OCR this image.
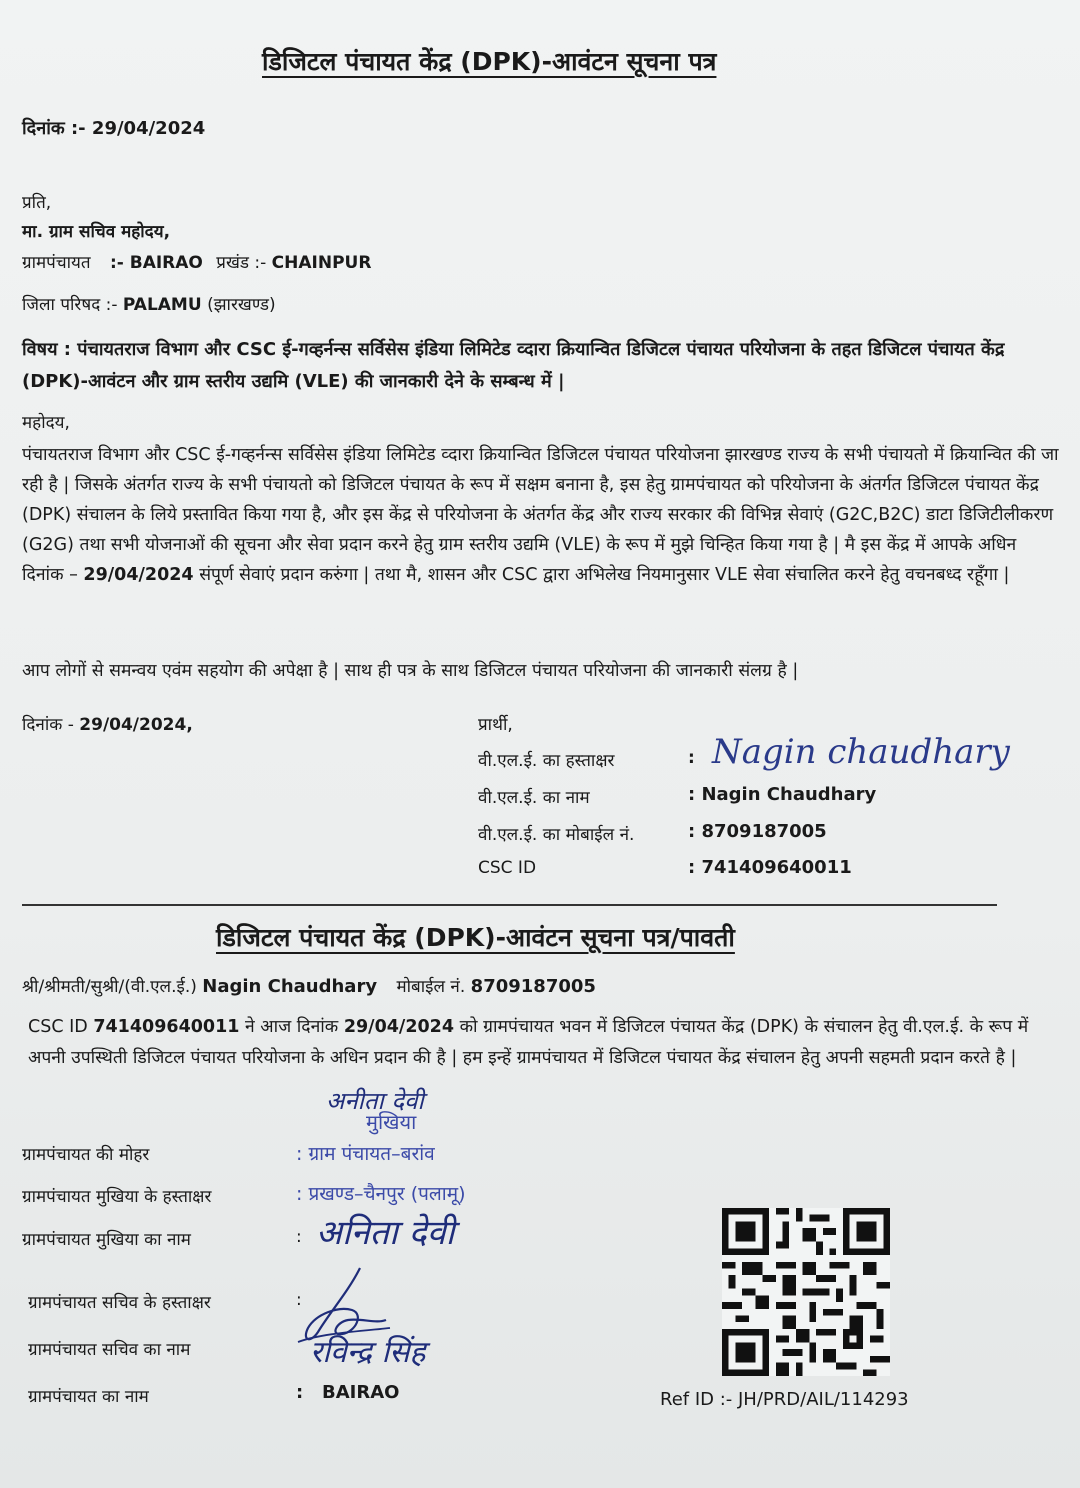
डिजिटल पंचायत केंद्र (DPK)-आवंटन सूचना पत्र
दिनांक :- 29/04/2024
प्रति,
मा. ग्राम सचिव महोदय,
ग्रामपंचायत :- BAIRAO प्रखंड :- CHAINPUR
जिला परिषद :- PALAMU (झारखण्ड)
विषय : पंचायतराज विभाग और CSC ई-गव्हर्नन्स सर्विसेस इंडिया लिमिटेड व्दारा क्रियान्वित डिजिटल पंचायत परियोजना के तहत डिजिटल पंचायत केंद्र (DPK)-आवंटन और ग्राम स्तरीय उद्यमि (VLE) की जानकारी देने के सम्बन्ध में |
महोदय,
पंचायतराज विभाग और CSC ई-गव्हर्नन्स सर्विसेस इंडिया लिमिटेड व्दारा क्रियान्वित डिजिटल पंचायत परियोजना झारखण्ड राज्य के सभी पंचायतो में क्रियान्वित की जा रही है | जिसके अंतर्गत राज्य के सभी पंचायतो को डिजिटल पंचायत के रूप में सक्षम बनाना है, इस हेतु ग्रामपंचायत को परियोजना के अंतर्गत डिजिटल पंचायत केंद्र (DPK) संचालन के लिये प्रस्तावित किया गया है, और इस केंद्र से परियोजना के अंतर्गत केंद्र और राज्य सरकार की विभिन्न सेवाएं (G2C,B2C) डाटा डिजिटीलीकरण (G2G) तथा सभी योजनाओं की सूचना और सेवा प्रदान करने हेतु ग्राम स्तरीय उद्यमि (VLE) के रूप में मुझे चिन्हित किया गया है | मै इस केंद्र में आपके अधिन दिनांक – 29/04/2024 संपूर्ण सेवाएं प्रदान करुंगा | तथा मै, शासन और CSC द्वारा अभिलेख नियमानुसार VLE सेवा संचालित करने हेतु वचनबध्द रहूँगा |
आप लोगों से समन्वय एवंम सहयोग की अपेक्षा है | साथ ही पत्र के साथ डिजिटल पंचायत परियोजना की जानकारी संलग्र है |
दिनांक - 29/04/2024,	प्रार्थी,
वी.एल.ई. का हस्ताक्षर	: Nagin chaudhary
वी.एल.ई. का नाम	: Nagin Chaudhary
वी.एल.ई. का मोबाईल नं.	: 8709187005
CSC ID	: 741409640011
डिजिटल पंचायत केंद्र (DPK)-आवंटन सूचना पत्र/पावती
श्री/श्रीमती/सुश्री/(वी.एल.ई.) Nagin Chaudhary मोबाईल नं. 8709187005
CSC ID 741409640011 ने आज दिनांक 29/04/2024 को ग्रामपंचायत भवन में डिजिटल पंचायत केंद्र (DPK) के संचालन हेतु वी.एल.ई. के रूप में अपनी उपस्थिती डिजिटल पंचायत परियोजना के अधिन प्रदान की है | हम इन्हें ग्रामपंचायत में डिजिटल पंचायत केंद्र संचालन हेतु अपनी सहमती प्रदान करते है |
अनीता देवी
मुखिया
ग्रामपंचायत की मोहर	: ग्राम पंचायत–बरांव
ग्रामपंचायत मुखिया के हस्ताक्षर	: प्रखण्ड–चैनपुर (पलामू)
ग्रामपंचायत मुखिया का नाम	: अनिता देवी
ग्रामपंचायत सचिव के हस्ताक्षर	:
ग्रामपंचायत सचिव का नाम	रविन्द्र सिंह
ग्रामपंचायत का नाम	:   BAIRAO	Ref ID :- JH/PRD/AIL/114293
